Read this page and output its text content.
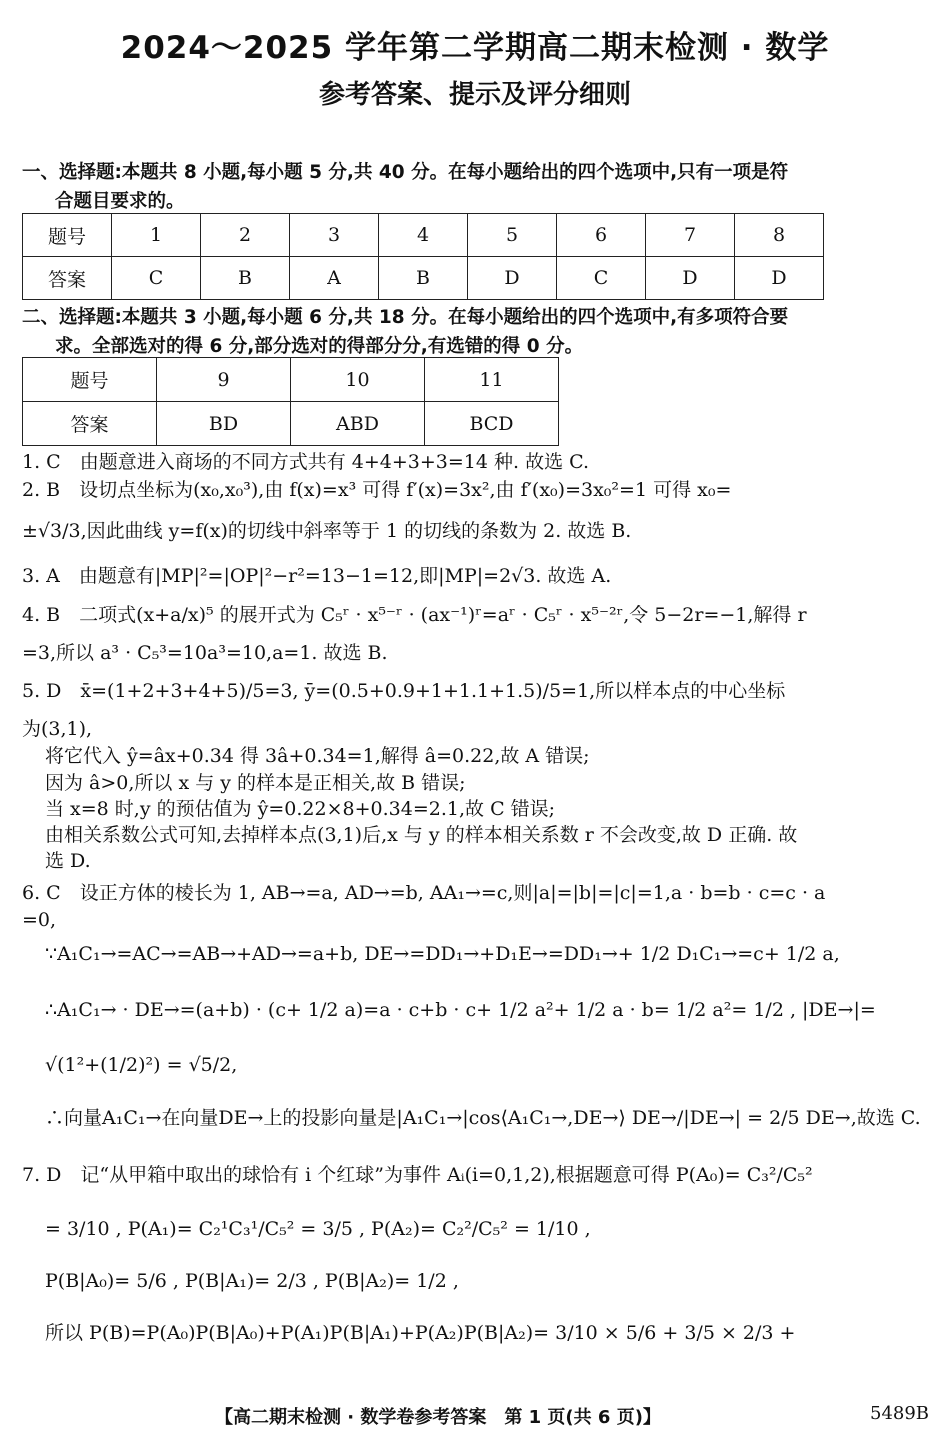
2024～2025 学年第二学期高二期末检测 · 数学
参考答案、提示及评分细则
一、选择题:本题共 8 小题,每小题 5 分,共 40 分。在每小题给出的四个选项中,只有一项是符
合题目要求的。
题号	1	2	3	4	5	6	7	8
答案	C	B	A	B	D	C	D	D
二、选择题:本题共 3 小题,每小题 6 分,共 18 分。在每小题给出的四个选项中,有多项符合要
求。全部选对的得 6 分,部分选对的得部分分,有选错的得 0 分。
题号	9	10	11
答案	BD	ABD	BCD
1. C　由题意进入商场的不同方式共有 4+4+3+3=14 种. 故选 C.
2. B　设切点坐标为(x₀,x₀³),由 f(x)=x³ 可得 f′(x)=3x²,由 f′(x₀)=3x₀²=1 可得 x₀=
±√3/3,因此曲线 y=f(x)的切线中斜率等于 1 的切线的条数为 2. 故选 B.
3. A　由题意有|MP|²=|OP|²−r²=13−1=12,即|MP|=2√3. 故选 A.
4. B　二项式(x+a/x)⁵ 的展开式为 C₅ʳ · x⁵⁻ʳ · (ax⁻¹)ʳ=aʳ · C₅ʳ · x⁵⁻²ʳ,令 5−2r=−1,解得 r
=3,所以 a³ · C₅³=10a³=10,a=1. 故选 B.
5. D　x̄=(1+2+3+4+5)/5=3, ȳ=(0.5+0.9+1+1.1+1.5)/5=1,所以样本点的中心坐标
为(3,1),
将它代入 ŷ=âx+0.34 得 3â+0.34=1,解得 â=0.22,故 A 错误;
因为 â>0,所以 x 与 y 的样本是正相关,故 B 错误;
当 x=8 时,y 的预估值为 ŷ=0.22×8+0.34=2.1,故 C 错误;
由相关系数公式可知,去掉样本点(3,1)后,x 与 y 的样本相关系数 r 不会改变,故 D 正确. 故
选 D.
6. C　设正方体的棱长为 1, AB→=a, AD→=b, AA₁→=c,则|a|=|b|=|c|=1,a · b=b · c=c · a
=0,
∵A₁C₁→=AC→=AB→+AD→=a+b, DE→=DD₁→+D₁E→=DD₁→+ 1/2 D₁C₁→=c+ 1/2 a,
∴A₁C₁→ · DE→=(a+b) · (c+ 1/2 a)=a · c+b · c+ 1/2 a²+ 1/2 a · b= 1/2 a²= 1/2 , |DE→|=
√(1²+(1/2)²) = √5/2,
∴向量A₁C₁→在向量DE→上的投影向量是|A₁C₁→|cos⟨A₁C₁→,DE→⟩ DE→/|DE→| = 2/5 DE→,故选 C.
7. D　记“从甲箱中取出的球恰有 i 个红球”为事件 Aᵢ(i=0,1,2),根据题意可得 P(A₀)= C₃²/C₅²
= 3/10 , P(A₁)= C₂¹C₃¹/C₅² = 3/5 , P(A₂)= C₂²/C₅² = 1/10 ,
P(B|A₀)= 5/6 , P(B|A₁)= 2/3 , P(B|A₂)= 1/2 ,
所以 P(B)=P(A₀)P(B|A₀)+P(A₁)P(B|A₁)+P(A₂)P(B|A₂)= 3/10 × 5/6 + 3/5 × 2/3 +
【高二期末检测 · 数学卷参考答案　第 1 页(共 6 页)】	5489B
